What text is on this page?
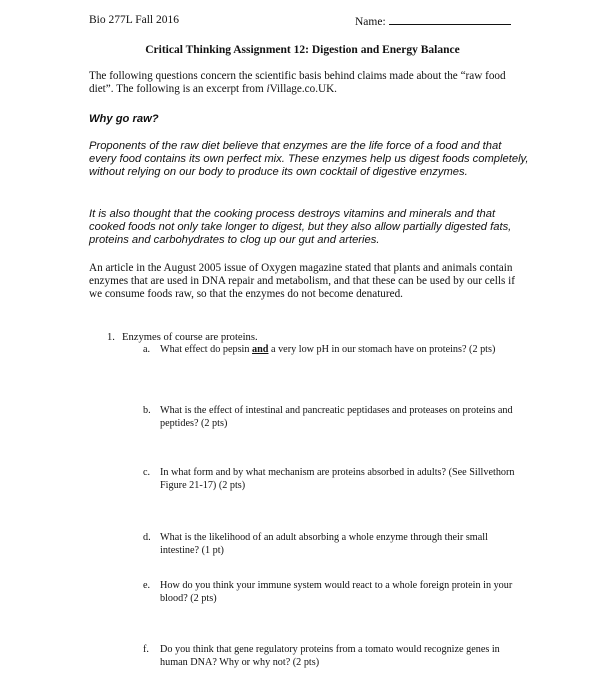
Bio 277L Fall 2016	Name:
Critical Thinking Assignment 12: Digestion and Energy Balance

The following questions concern the scientific basis behind claims made about the “raw food diet”. The following is an excerpt from iVillage.co.UK.

Why go raw?

Proponents of the raw diet believe that enzymes are the life force of a food and that every food contains its own perfect mix. These enzymes help us digest foods completely, without relying on our body to produce its own cocktail of digestive enzymes.

It is also thought that the cooking process destroys vitamins and minerals and that cooked foods not only take longer to digest, but they also allow partially digested fats, proteins and carbohydrates to clog up our gut and arteries.

An article in the August 2005 issue of Oxygen magazine stated that plants and animals contain enzymes that are used in DNA repair and metabolism, and that these can be used by our cells if we consume foods raw, so that the enzymes do not become denatured.

1. Enzymes of course are proteins.
a. What effect do pepsin and a very low pH in our stomach have on proteins? (2 pts)
b. What is the effect of intestinal and pancreatic peptidases and proteases on proteins and peptides? (2 pts)
c. In what form and by what mechanism are proteins absorbed in adults? (See Sillvethorn Figure 21-17) (2 pts)
d. What is the likelihood of an adult absorbing a whole enzyme through their small intestine? (1 pt)
e. How do you think your immune system would react to a whole foreign protein in your blood? (2 pts)
f. Do you think that gene regulatory proteins from a tomato would recognize genes in human DNA? Why or why not? (2 pts)
